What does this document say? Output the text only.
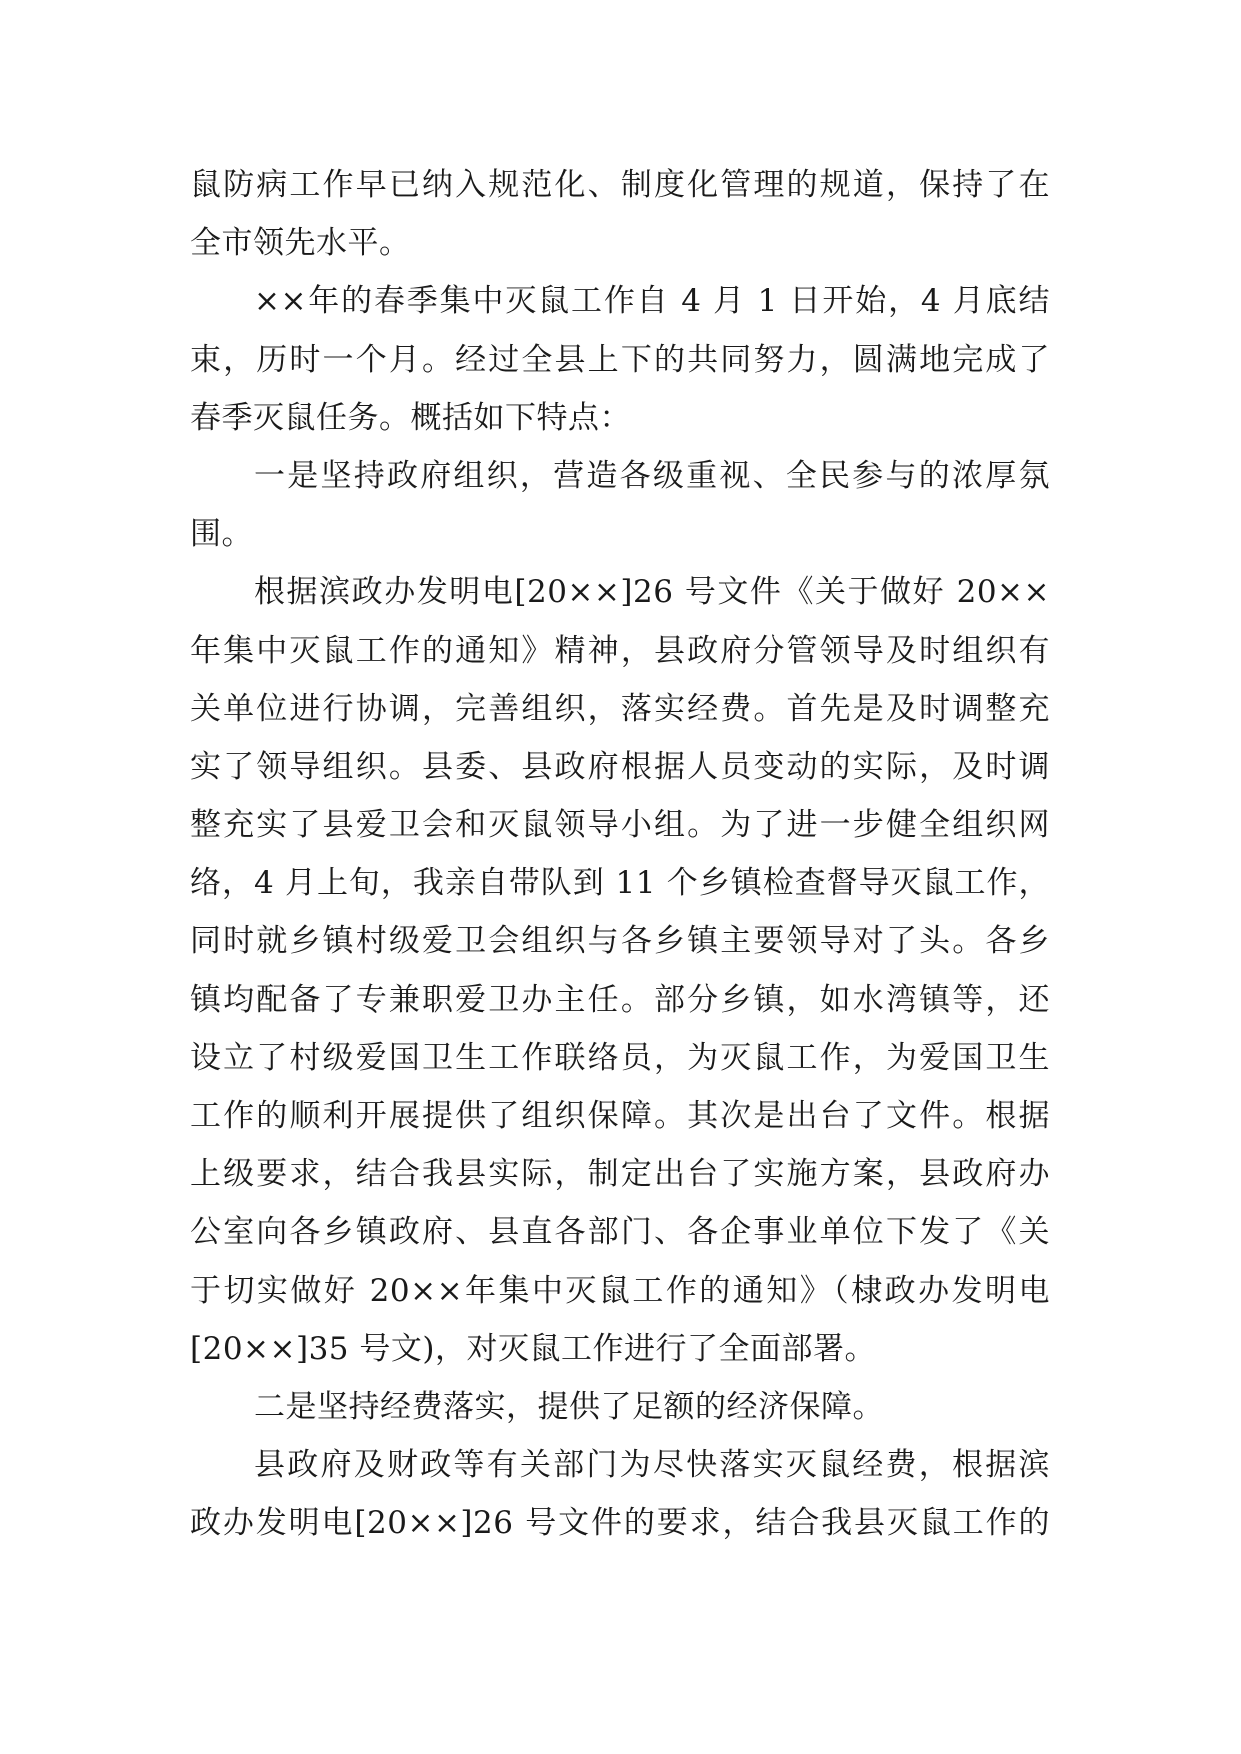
鼠防病工作早已纳入规范化、制度化管理的规道，保持了在
全市领先水平。
××年的春季集中灭鼠工作自 4 月 1 日开始，4 月底结
束，历时一个月。经过全县上下的共同努力，圆满地完成了
春季灭鼠任务。概括如下特点：
一是坚持政府组织，营造各级重视、全民参与的浓厚氛
围。
根据滨政办发明电[20××]26 号文件《关于做好 20××
年集中灭鼠工作的通知》精神，县政府分管领导及时组织有
关单位进行协调，完善组织，落实经费。首先是及时调整充
实了领导组织。县委、县政府根据人员变动的实际，及时调
整充实了县爱卫会和灭鼠领导小组。为了进一步健全组织网
络，4 月上旬，我亲自带队到 11 个乡镇检查督导灭鼠工作，
同时就乡镇村级爱卫会组织与各乡镇主要领导对了头。各乡
镇均配备了专兼职爱卫办主任。部分乡镇，如水湾镇等，还
设立了村级爱国卫生工作联络员，为灭鼠工作，为爱国卫生
工作的顺利开展提供了组织保障。其次是出台了文件。根据
上级要求，结合我县实际，制定出台了实施方案，县政府办
公室向各乡镇政府、县直各部门、各企事业单位下发了《关
于切实做好 20××年集中灭鼠工作的通知》（棣政办发明电
[20××]35 号文)，对灭鼠工作进行了全面部署。
二是坚持经费落实，提供了足额的经济保障。
县政府及财政等有关部门为尽快落实灭鼠经费，根据滨
政办发明电[20××]26 号文件的要求，结合我县灭鼠工作的
